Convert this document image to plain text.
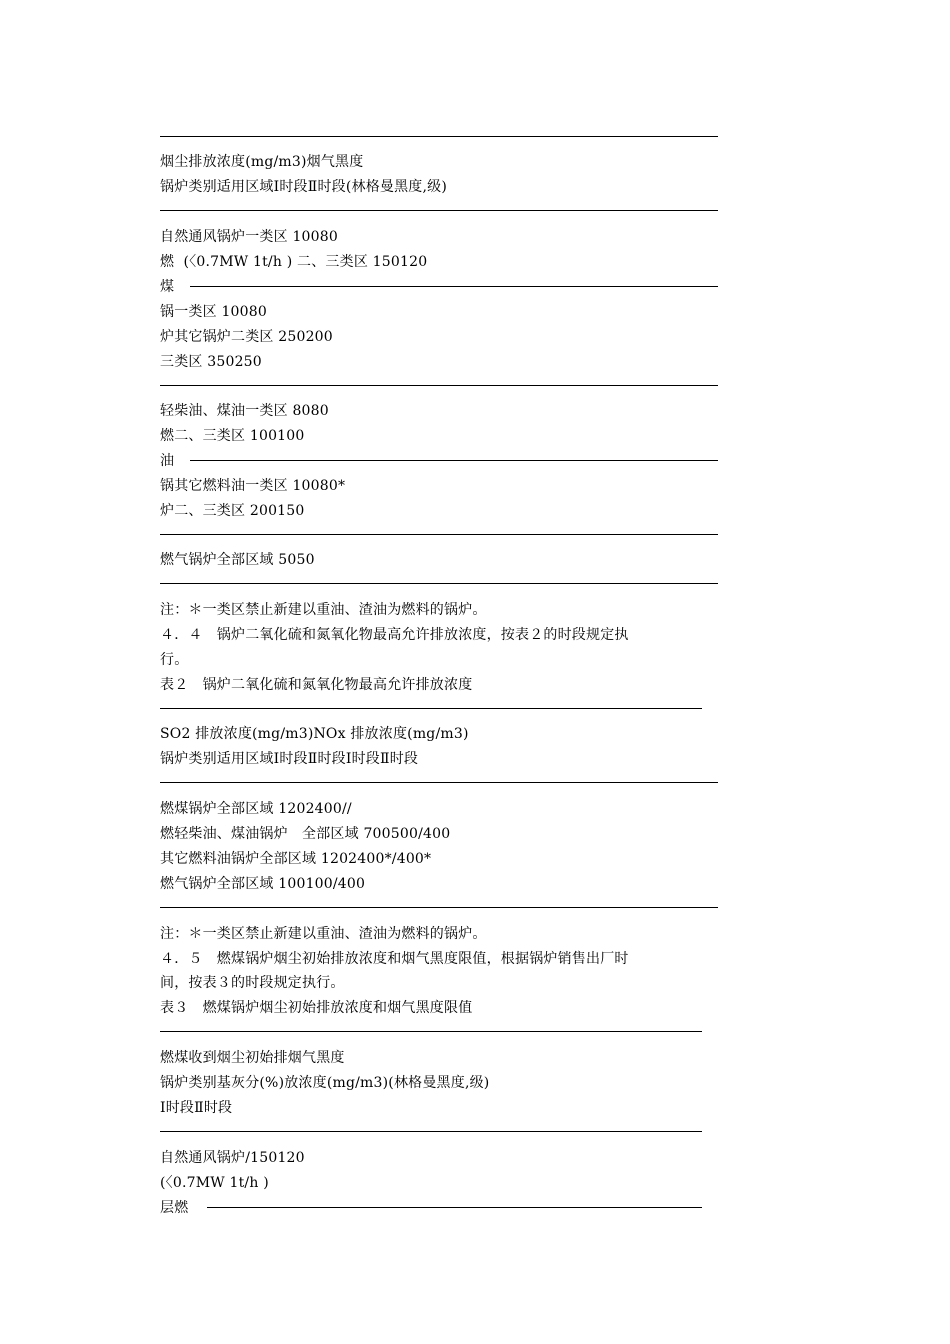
烟尘排放浓度(mg/m3)烟气黑度
锅炉类别适用区域Ⅰ时段Ⅱ时段(林格曼黑度,级)
自然通风锅炉一类区 10080
燃  (〈0.7MW 1t/h ) 二、三类区 150120
煤
锅一类区 10080
炉其它锅炉二类区 250200
三类区 350250
轻柴油、煤油一类区 8080
燃二、三类区 100100
油
锅其它燃料油一类区 10080*
炉二、三类区 200150
燃气锅炉全部区域 5050
注：＊一类区禁止新建以重油、渣油为燃料的锅炉。
４．４　锅炉二氧化硫和氮氧化物最高允许排放浓度，按表２的时段规定执
行。
表２　锅炉二氧化硫和氮氧化物最高允许排放浓度
SO2 排放浓度(mg/m3)NOx 排放浓度(mg/m3)
锅炉类别适用区域Ⅰ时段Ⅱ时段Ⅰ时段Ⅱ时段
燃煤锅炉全部区域 1202400//
燃轻柴油、煤油锅炉　全部区域 700500/400
其它燃料油锅炉全部区域 1202400*/400*
燃气锅炉全部区域 100100/400
注：＊一类区禁止新建以重油、渣油为燃料的锅炉。
４．５　燃煤锅炉烟尘初始排放浓度和烟气黑度限值，根据锅炉销售出厂时
间，按表３的时段规定执行。
表３　燃煤锅炉烟尘初始排放浓度和烟气黑度限值
燃煤收到烟尘初始排烟气黑度
锅炉类别基灰分(%)放浓度(mg/m3)(林格曼黑度,级)
Ⅰ时段Ⅱ时段
自然通风锅炉/150120
(〈0.7MW 1t/h )
层燃
